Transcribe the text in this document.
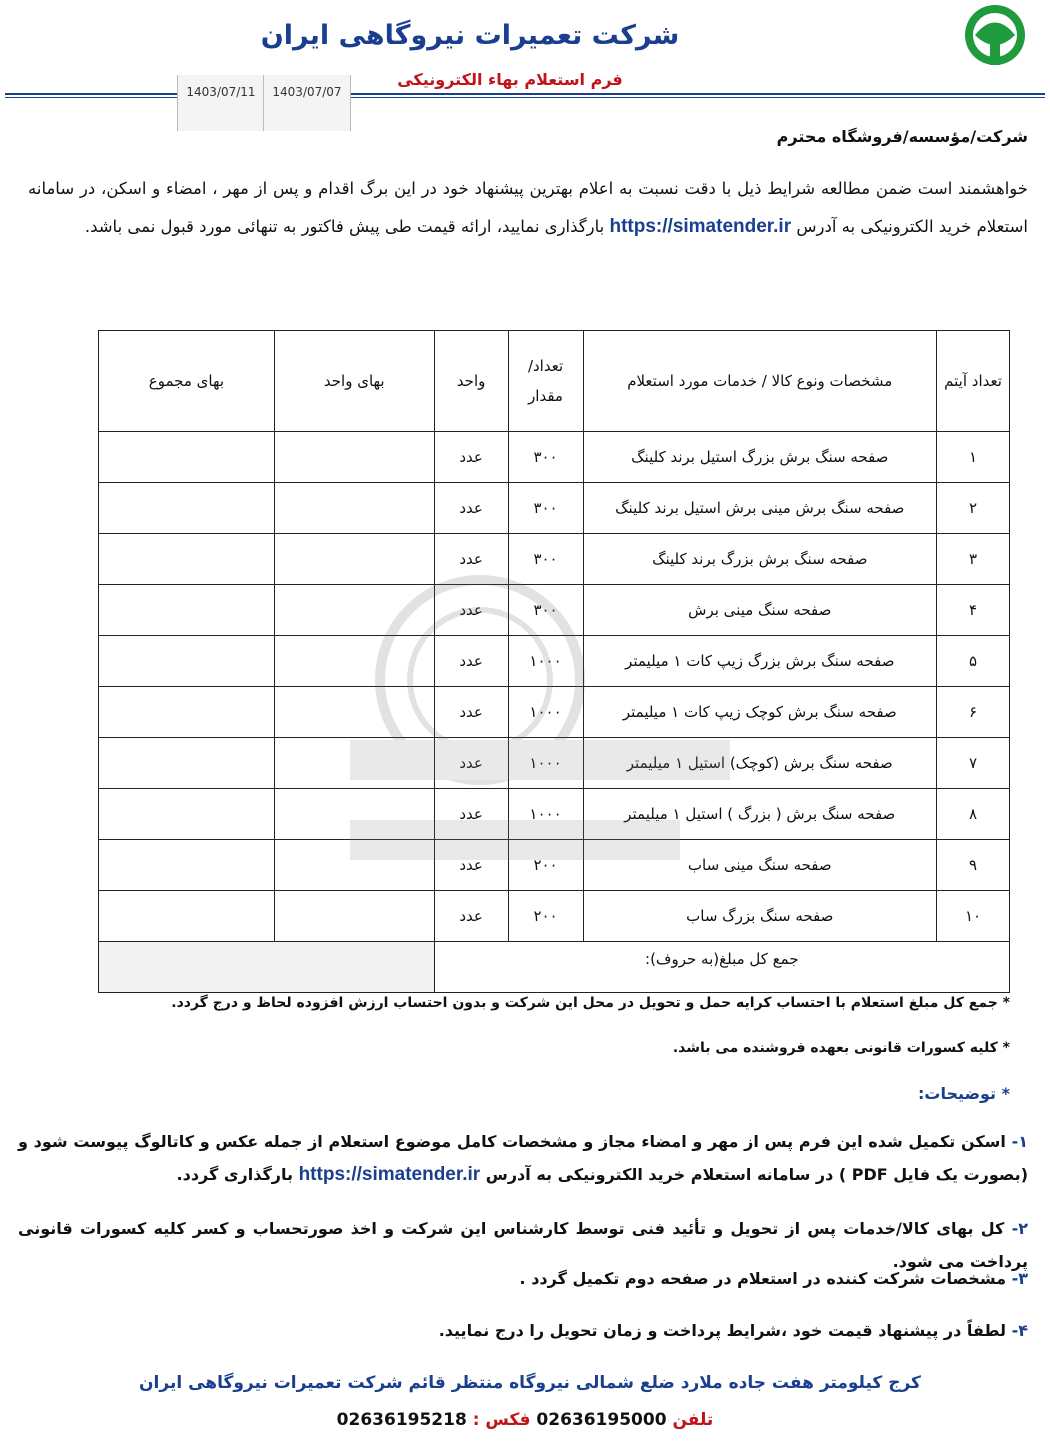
شرکت تعمیرات نیروگاهی ایران
فرم استعلام بهاء الکترونیکی
1403/07/11	1403/07/07
شرکت/مؤسسه/فروشگاه محترم

خواهشمند است ضمن مطالعه شرایط ذیل با دقت نسبت به اعلام بهترین پیشنهاد خود در این برگ اقدام و پس از مهر ، امضاء و اسکن، در سامانه استعلام خرید الکترونیکی به آدرس https://simatender.ir بارگذاری نمایید، ارائه قیمت طی پیش فاکتور به تنهائی مورد قبول نمی باشد.

تعداد آیتم	مشخصات ونوع کالا / خدمات مورد استعلام	تعداد/ مقدار	واحد	بهای واحد	بهای مجموع
۱	صفحه سنگ برش بزرگ استیل برند کلینگ	۳۰۰	عدد		
۲	صفحه سنگ برش مینی برش استیل برند کلینگ	۳۰۰	عدد		
۳	صفحه سنگ برش بزرگ برند کلینگ	۳۰۰	عدد		
۴	صفحه سنگ مینی برش	۳۰۰	عدد		
۵	صفحه سنگ برش بزرگ زیپ کات ۱ میلیمتر	۱۰۰۰	عدد		
۶	صفحه سنگ برش کوچک زیپ کات ۱ میلیمتر	۱۰۰۰	عدد		
۷	صفحه سنگ برش (کوچک) استیل ۱ میلیمتر	۱۰۰۰	عدد		
۸	صفحه سنگ برش ( بزرگ ) استیل ۱ میلیمتر	۱۰۰۰	عدد		
۹	صفحه سنگ مینی ساب	۲۰۰	عدد		
۱۰	صفحه سنگ بزرگ ساب	۲۰۰	عدد		
جمع کل مبلغ(به حروف):					
* جمع کل مبلغ استعلام با احتساب کرایه حمل و تحویل در محل این شرکت و بدون احتساب ارزش افزوده لحاظ و درج گردد.
* کلیه کسورات قانونی بعهده فروشنده می باشد.
* توضیحات:

۱- اسکن تکمیل شده این فرم پس از مهر و امضاء مجاز و مشخصات کامل موضوع استعلام از جمله عکس و کاتالوگ پیوست شود و (بصورت یک فایل PDF ) در سامانه استعلام خرید الکترونیکی به آدرس https://simatender.ir بارگذاری گردد.

۲- کل بهای کالا/خدمات پس از تحویل و تأئید فنی توسط کارشناس این شرکت و اخذ صورتحساب و کسر کلیه کسورات قانونی پرداخت می شود.

۳- مشخصات شرکت کننده در استعلام در صفحه دوم تکمیل گردد .

۴- لطفاً در پیشنهاد قیمت خود ،شرایط پرداخت و زمان تحویل را درج نمایید.

کرج کیلومتر هفت جاده ملارد ضلع شمالی نیروگاه منتظر قائم شرکت تعمیرات نیروگاهی ایران
تلفن 02636195000 فکس : 02636195218
